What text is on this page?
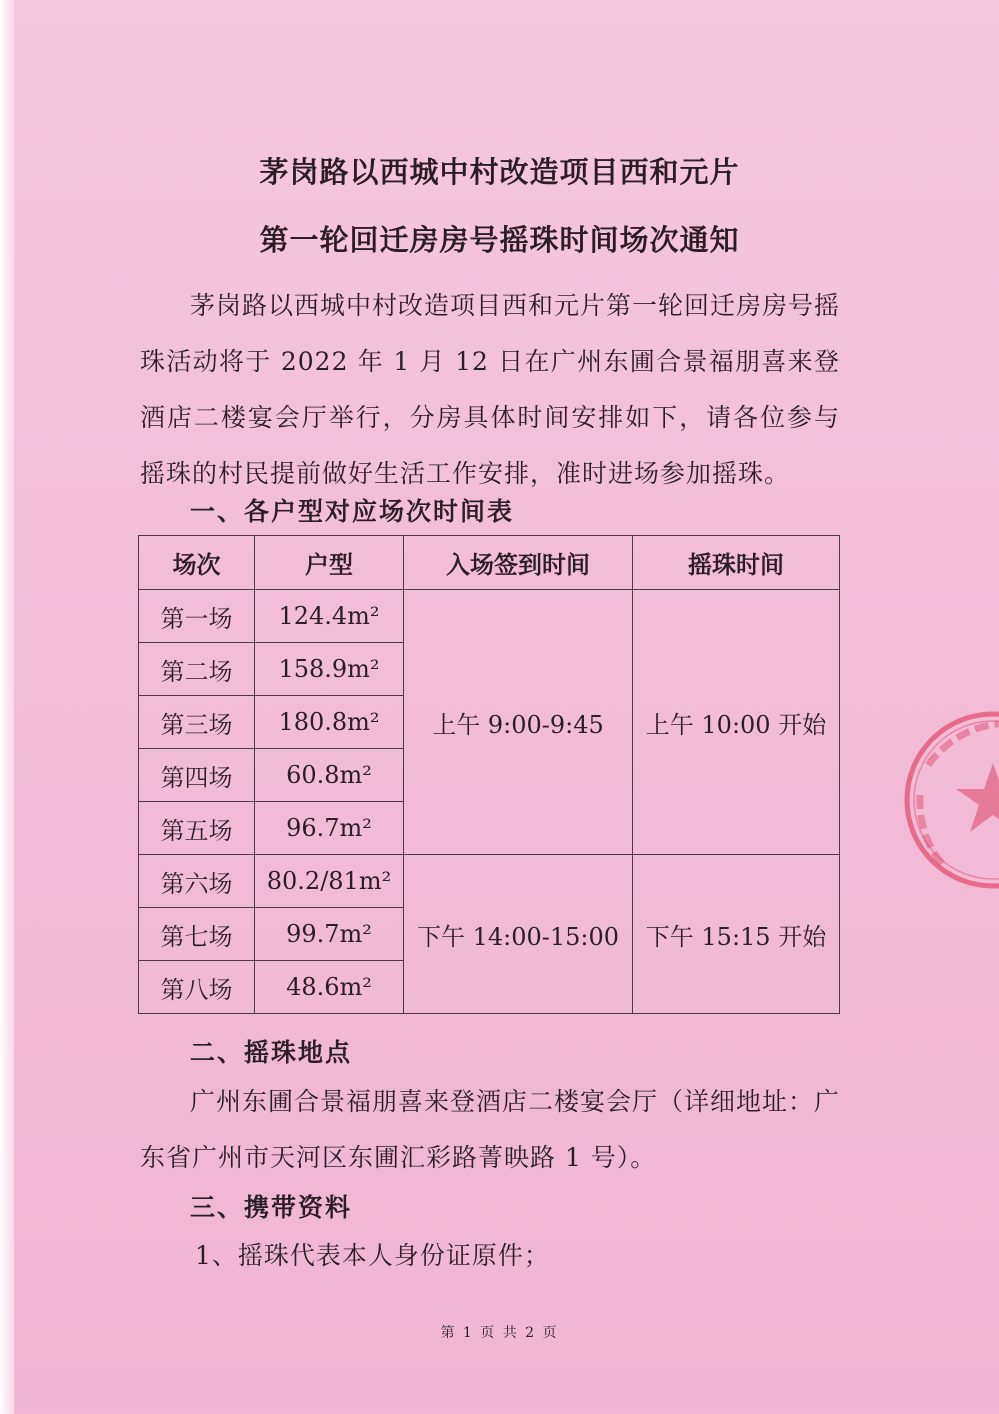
茅岗路以西城中村改造项目西和元片
第一轮回迁房房号摇珠时间场次通知
茅岗路以西城中村改造项目西和元片第一轮回迁房房号摇珠活动将于 2022 年 1 月 12 日在广州东圃合景福朋喜来登酒店二楼宴会厅举行，分房具体时间安排如下，请各位参与摇珠的村民提前做好生活工作安排，准时进场参加摇珠。
一、各户型对应场次时间表
场次	户型	入场签到时间	摇珠时间
第一场	124.4m²	上午 9:00-9:45	上午 10:00 开始
第二场	158.9m²		
第三场	180.8m²		
第四场	60.8m²		
第五场	96.7m²		
第六场	80.2/81m²	下午 14:00-15:00	下午 15:15 开始
第七场	99.7m²		
第八场	48.6m²		
二、摇珠地点
广州东圃合景福朋喜来登酒店二楼宴会厅（详细地址：广东省广州市天河区东圃汇彩路菁映路 1 号）。
三、携带资料
1、摇珠代表本人身份证原件；
第 1 页 共 2 页
